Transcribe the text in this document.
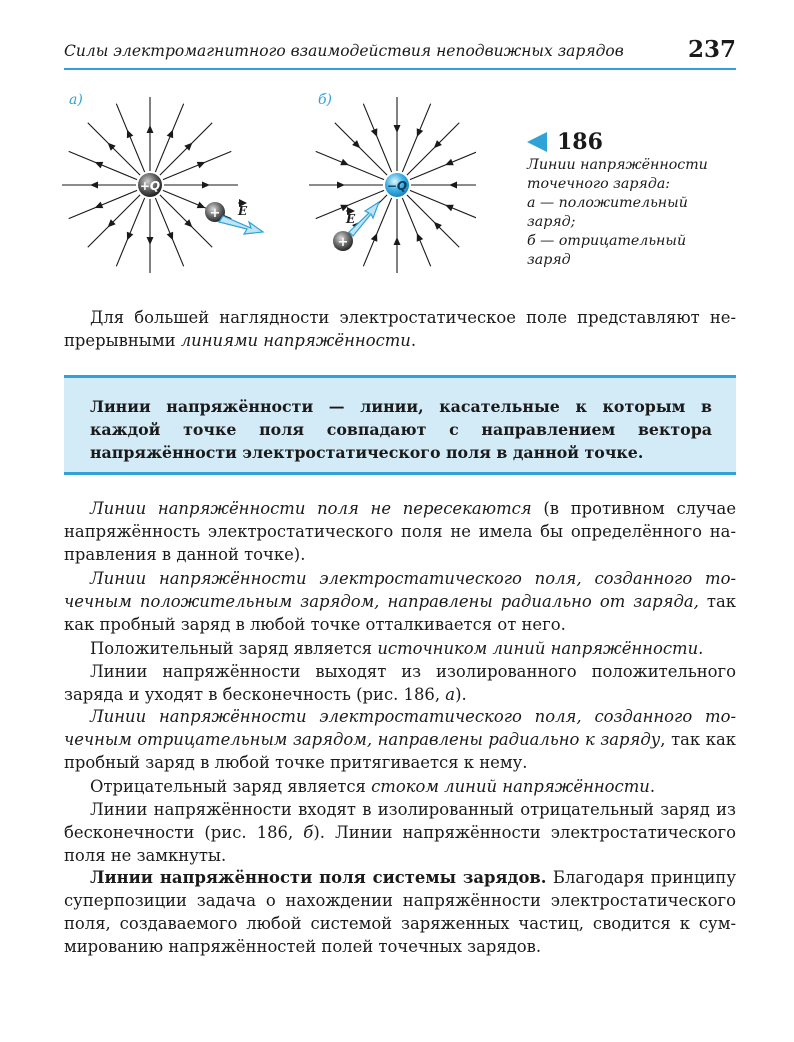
Силы электромагнитного взаимодействия неподвижных зарядов	237
а)	б)
+Q
+ E
−Q
+
E
186
Линии напряжённости
точечного заряда:
а — положительный
заряд;
б — отрицательный
заряд

Для большей наглядности электростатическое поле представляют непрерывными линиями напряжённости.

Линии напряжённости — линии, касательные к которым в каждой точке поля совпадают с направлением вектора напряжённости электростатического поля в данной точке.

Линии напряжённости поля не пересекаются (в противном случае напряжённость электростатического поля не имела бы определённого направления в данной точке).

Линии напряжённости электростатического поля, созданного точечным положительным зарядом, направлены радиально от заряда, так как пробный заряд в любой точке отталкивается от него.

Положительный заряд является источником линий напряжённости.

Линии напряжённости выходят из изолированного положительного заряда и уходят в бесконечность (рис. 186, а).

Линии напряжённости электростатического поля, созданного точечным отрицательным зарядом, направлены радиально к заряду, так как пробный заряд в любой точке притягивается к нему.

Отрицательный заряд является стоком линий напряжённости.

Линии напряжённости входят в изолированный отрицательный заряд из бесконечности (рис. 186, б). Линии напряжённости электростатического поля не замкнуты.

Линии напряжённости поля системы зарядов. Благодаря принципу суперпозиции задача о нахождении напряжённости электростатического поля, создаваемого любой системой заряженных частиц, сводится к суммированию напряжённостей полей точечных зарядов.
